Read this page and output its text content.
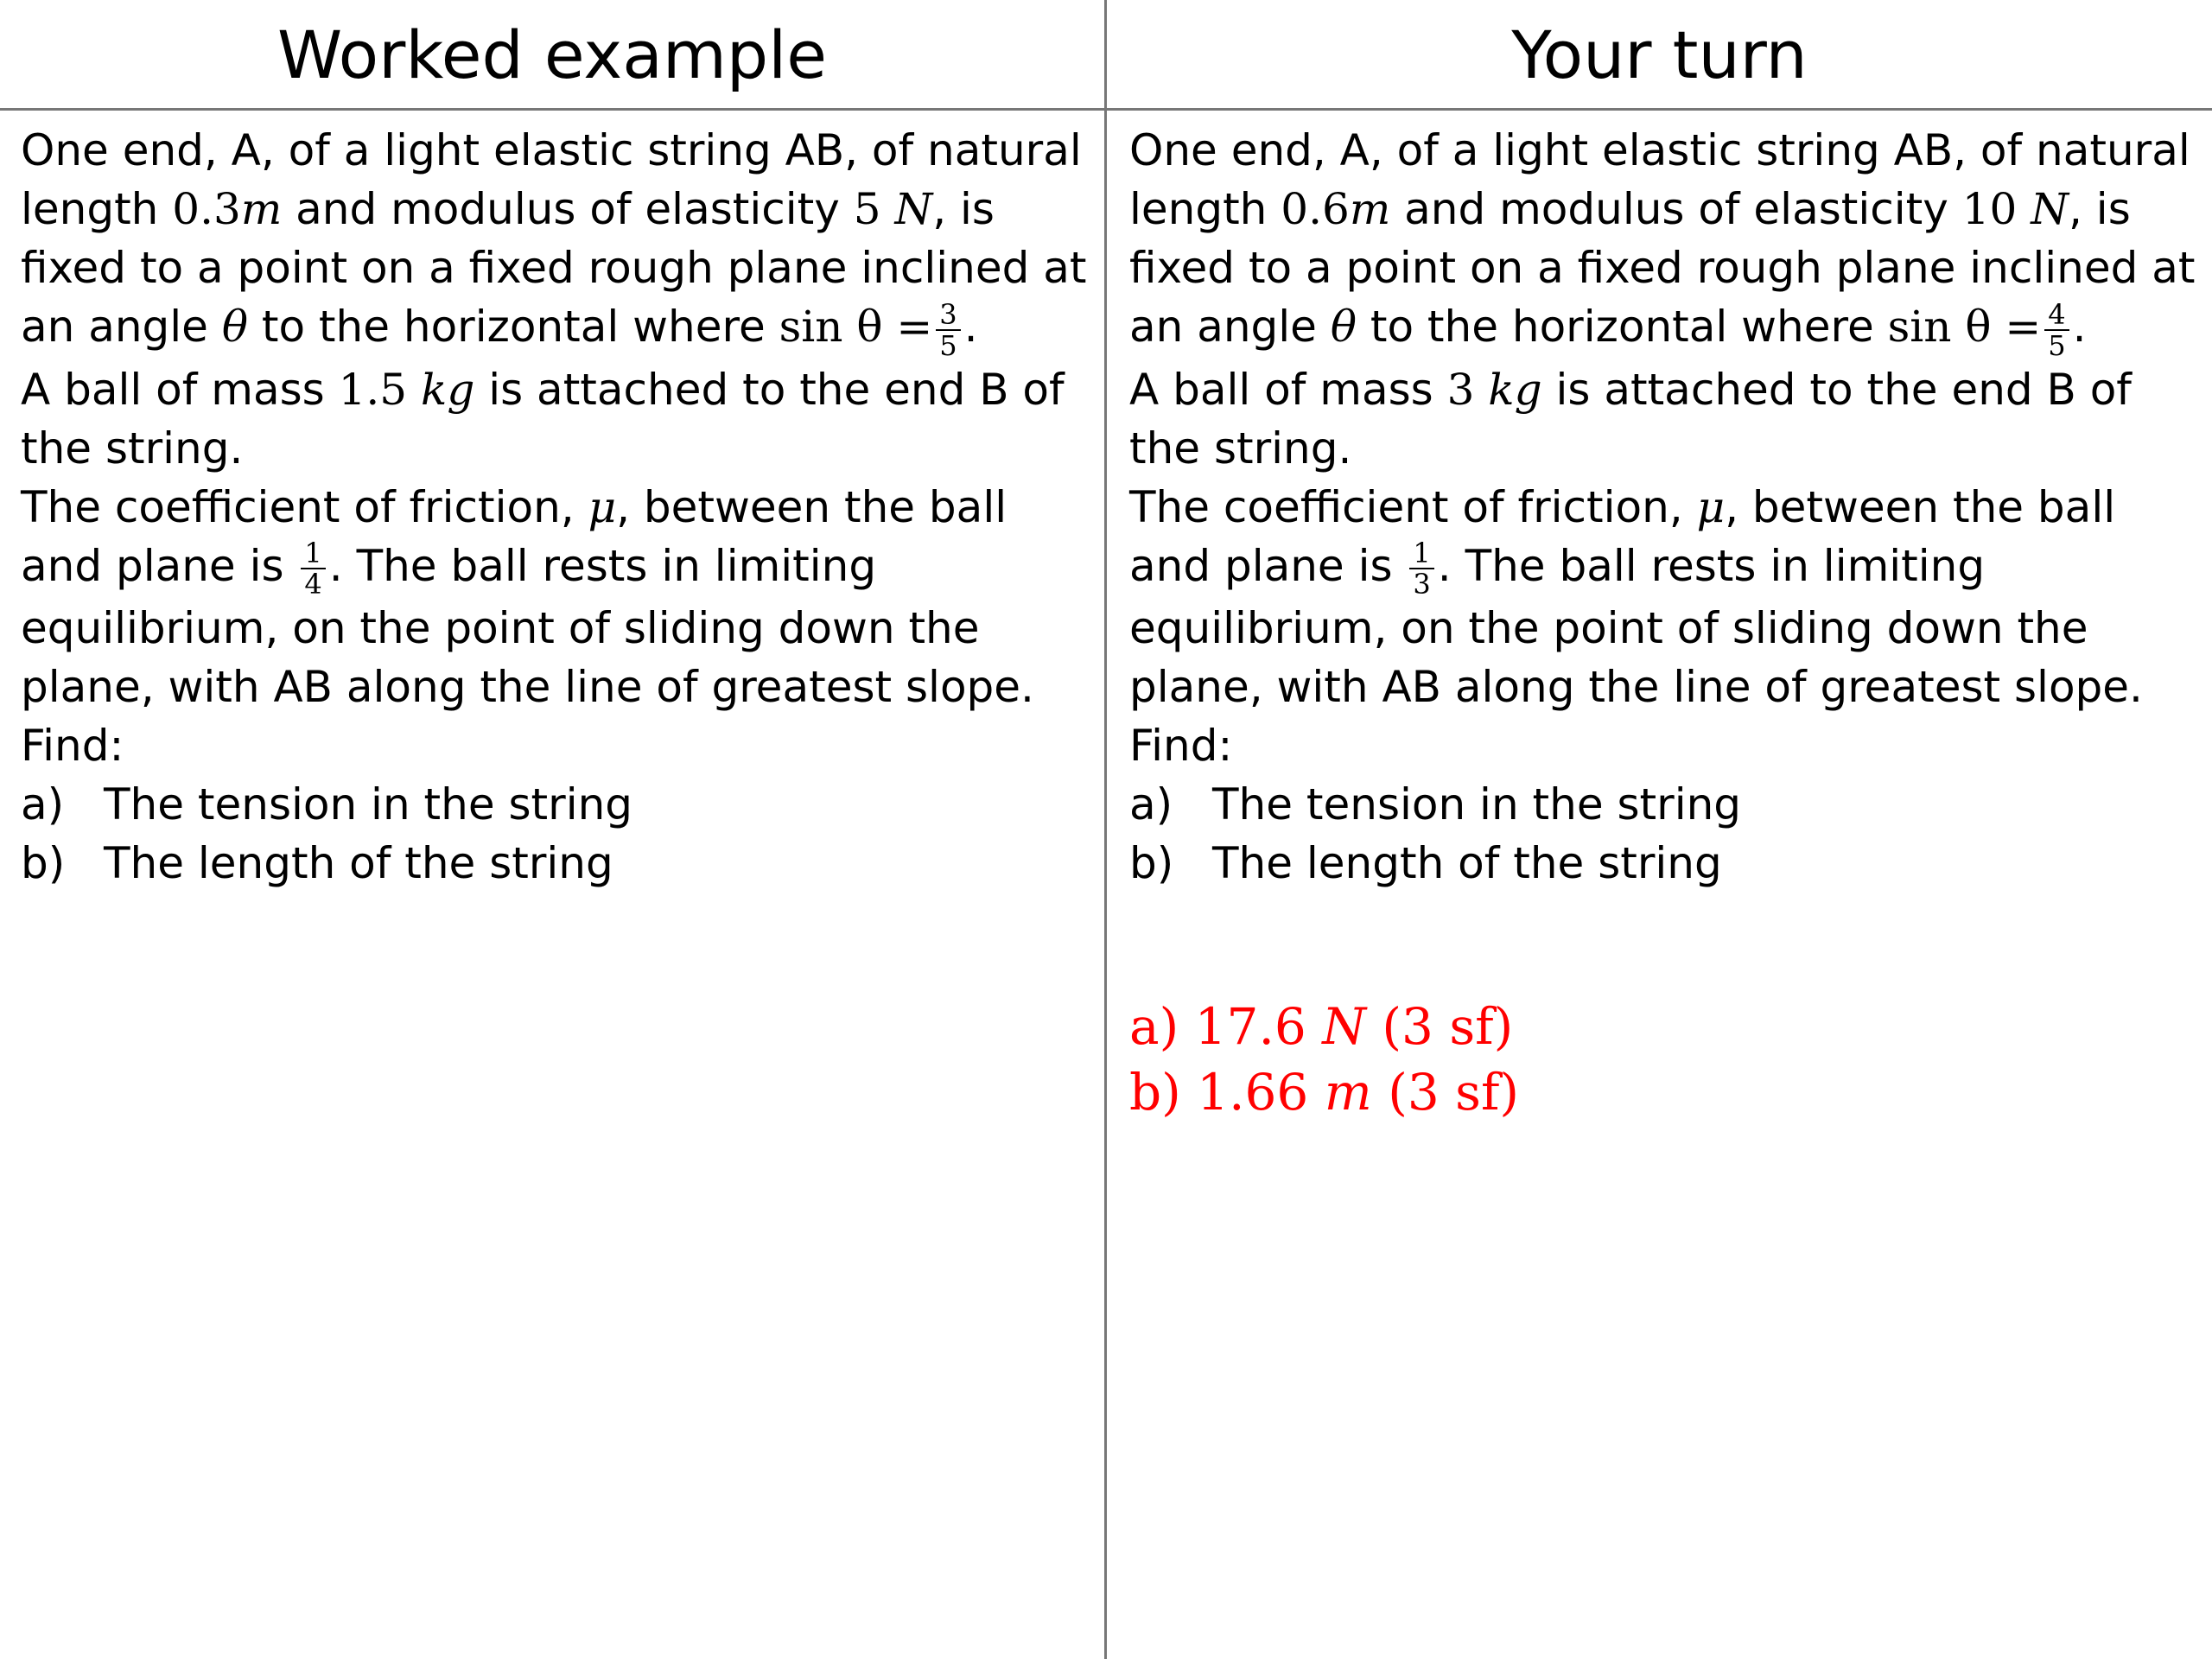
Worked example	Your turn

One end, A, of a light elastic string AB, of natural length 0.3m and modulus of elasticity 5 N, is fixed to a point on a fixed rough plane inclined at an angle θ to the horizontal where $\sin \theta = \frac{3}{5}$ .

A ball of mass 1.5 kg is attached to the end B of the string.

The coefficient of friction, μ, between the ball and plane is $\frac{1}{4}$ . The ball rests in limiting equilibrium, on the point of sliding down the plane, with AB along the line of greatest slope.

Find:

a) The tension in the string
b) The length of the string

One end, A, of a light elastic string AB, of natural length 0.6m and modulus of elasticity 10 N, is fixed to a point on a fixed rough plane inclined at an angle θ to the horizontal where $\sin \theta = \frac{4}{5}$ .

A ball of mass 3 kg is attached to the end B of the string.

The coefficient of friction, μ, between the ball and plane is $\frac{1}{3}$ . The ball rests in limiting equilibrium, on the point of sliding down the plane, with AB along the line of greatest slope.

Find:

a) The tension in the string
b) The length of the string

a) 17.6 N (3 sf)

b) 1.66 m (3 sf)
